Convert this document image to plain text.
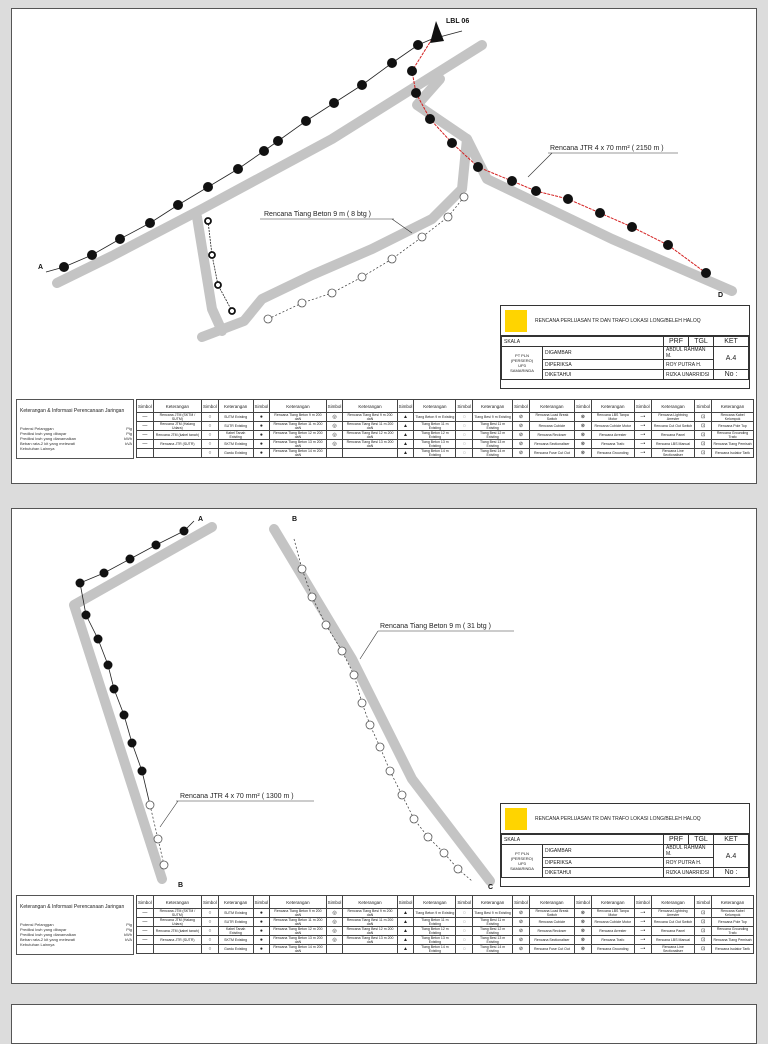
LBL 06
A
D
Rencana JTR 4 x 70 mm² ( 2150 m )
Rencana Tiang Beton 9 m ( 8 btg )
RENCANA PERLUASAN TR DAN TRAFO LOKASI LONG/BELEH HALOQ
SKALA		PRF	TGL	KET
PT PLN
(PERSERO)
UP3
SAMARINDA	DIGAMBAR	ABDUL RAHMAN M.		A.4
	DIPERIKSA	ROY PUTRA H.		
	DIKETAHUI	RIZKA UNARRIDSI		No :
Keterangan & Informasi Perencanaan Jaringan
Potensi Pelanggan	Plg
Prediksi kwh yang dibayar	Plg
Prediksi kwh yang dianamalkan	kWh
Beban rata-2 kit yang melewati	kVA
Kebutuhan Lainnya
Simbol	Keterangan	Simbol	Keterangan	Simbol	Keterangan	Simbol	Keterangan	Simbol	Keterangan	Simbol	Keterangan	Simbol	Keterangan	Simbol	Keterangan	Simbol	Keterangan	Simbol	Keterangan
—	Rencana JTM (SKTM / SUTM)	○	SUTM Existing	●	Rencana Tiang Beton 9 m 200 daN	◎	Rencana Tiang Besi 9 m 200 daN	▲	Tiang Beton 9 m Existing	◌	Tiang Besi 9 m Existing	⊘	Rencana Load Break Switch	⊗	Rencana LBS Tanpa Motor	−•	Rencana Lightning Arrester	⊡	Rencana Kabel Kelompok
—	Rencana JTM (Halang Udara)	○	SUTR Existing	●	Rencana Tiang Beton 11 m 200 daN	◎	Rencana Tiang Besi 11 m 200 daN	▲	Tiang Beton 11 m Existing	◌	Tiang Besi 11 m Existing	⊘	Rencana Cubicle	⊗	Rencana Cubicle Motor	−•	Rencana Cut Out Switch	⊡	Rencana Pole Top
—	Rencana JTM (kabel tanah)	○	Kabel Tanah Existing	●	Rencana Tiang Beton 12 m 200 daN	◎	Rencana Tiang Besi 12 m 200 daN	▲	Tiang Beton 12 m Existing	◌	Tiang Besi 12 m Existing	⊘	Rencana Recloser	⊗	Rencana Arrester	−•	Rencana Panel	⊡	Rencana Grounding Trafo
—	Rencana JTR (SUTR)	○	SKTM Existing	●	Rencana Tiang Beton 13 m 200 daN	◎	Rencana Tiang Besi 13 m 200 daN	▲	Tiang Beton 13 m Existing	◌	Tiang Besi 13 m Existing	⊘	Rencana Sectionaliser	⊗	Rencana Trafo	−•	Rencana LBS Manual	⊡	Rencana Tiang Pemisah
		○	Gardu Existing	●	Rencana Tiang Beton 14 m 200 daN			▲	Tiang Beton 14 m Existing	◌	Tiang Besi 14 m Existing	⊘	Rencana Fuse Cut Out	⊗	Rencana Grounding	−•	Rencana Line Sectionaliser	⊡	Rencana Isolator Tarik
A	B
B	C
Rencana Tiang Beton 9 m ( 31 btg )
Rencana JTR 4 x 70 mm² ( 1300 m )
RENCANA PERLUASAN TR DAN TRAFO LOKASI LONG/BELEH HALOQ
SKALA		PRF	TGL	KET
PT PLN
(PERSERO)
UP3
SAMARINDA	DIGAMBAR	ABDUL RAHMAN M.		A.4
	DIPERIKSA	ROY PUTRA H.		
	DIKETAHUI	RIZKA UNARRIDSI		No :
Keterangan & Informasi Perencanaan Jaringan
Potensi Pelanggan	Plg
Prediksi kwh yang dibayar	Plg
Prediksi kwh yang dianamalkan	kWh
Beban rata-2 kit yang melewati	kVA
Kebutuhan Lainnya
Simbol	Keterangan	Simbol	Keterangan	Simbol	Keterangan	Simbol	Keterangan	Simbol	Keterangan	Simbol	Keterangan	Simbol	Keterangan	Simbol	Keterangan	Simbol	Keterangan	Simbol	Keterangan
—	Rencana JTM (SKTM / SUTM)	○	SUTM Existing	●	Rencana Tiang Beton 9 m 200 daN	◎	Rencana Tiang Besi 9 m 200 daN	▲	Tiang Beton 9 m Existing	◌	Tiang Besi 9 m Existing	⊘	Rencana Load Break Switch	⊗	Rencana LBS Tanpa Motor	−•	Rencana Lightning Arrester	⊡	Rencana Kabel Kelompok
—	Rencana JTM (Halang Udara)	○	SUTR Existing	●	Rencana Tiang Beton 11 m 200 daN	◎	Rencana Tiang Besi 11 m 200 daN	▲	Tiang Beton 11 m Existing	◌	Tiang Besi 11 m Existing	⊘	Rencana Cubicle	⊗	Rencana Cubicle Motor	−•	Rencana Cut Out Switch	⊡	Rencana Pole Top
—	Rencana JTM (kabel tanah)	○	Kabel Tanah Existing	●	Rencana Tiang Beton 12 m 200 daN	◎	Rencana Tiang Besi 12 m 200 daN	▲	Tiang Beton 12 m Existing	◌	Tiang Besi 12 m Existing	⊘	Rencana Recloser	⊗	Rencana Arrester	−•	Rencana Panel	⊡	Rencana Grounding Trafo
—	Rencana JTR (SUTR)	○	SKTM Existing	●	Rencana Tiang Beton 13 m 200 daN	◎	Rencana Tiang Besi 13 m 200 daN	▲	Tiang Beton 13 m Existing	◌	Tiang Besi 13 m Existing	⊘	Rencana Sectionaliser	⊗	Rencana Trafo	−•	Rencana LBS Manual	⊡	Rencana Tiang Pemisah
		○	Gardu Existing	●	Rencana Tiang Beton 14 m 200 daN			▲	Tiang Beton 14 m Existing	◌	Tiang Besi 14 m Existing	⊘	Rencana Fuse Cut Out	⊗	Rencana Grounding	−•	Rencana Line Sectionaliser	⊡	Rencana Isolator Tarik
